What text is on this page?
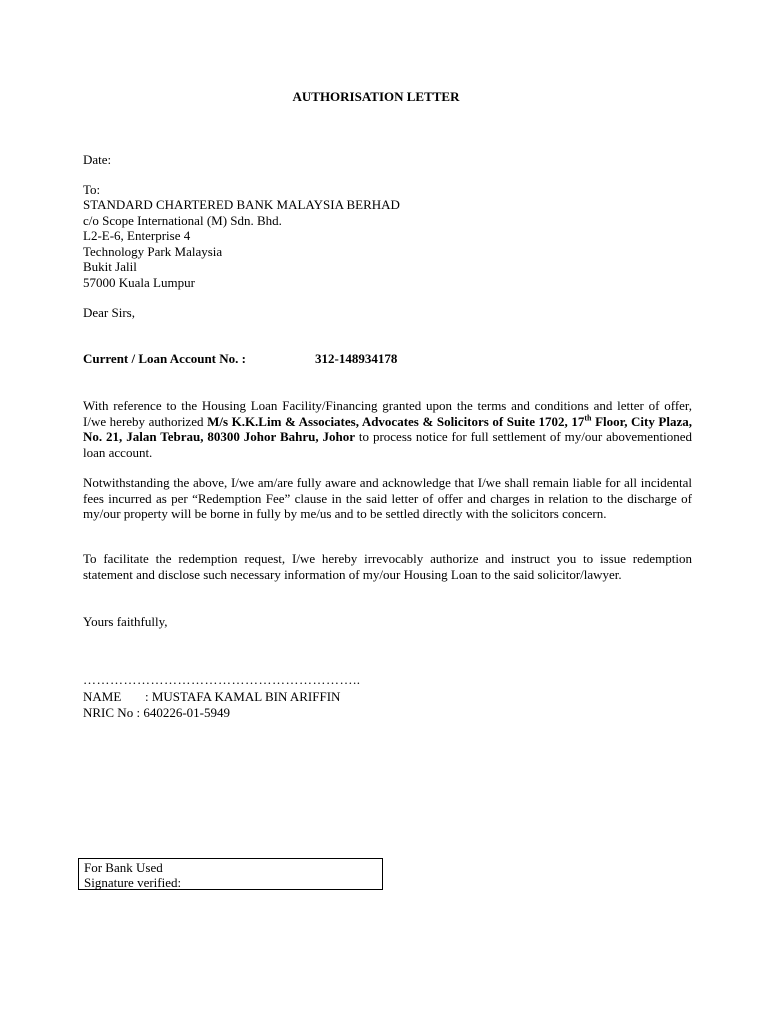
AUTHORISATION LETTER
Date:
To:
STANDARD CHARTERED BANK MALAYSIA BERHAD
c/o Scope International (M) Sdn. Bhd.
L2-E-6, Enterprise 4
Technology Park Malaysia
Bukit Jalil
57000 Kuala Lumpur
Dear Sirs,
Current / Loan Account No. :	312-148934178
With reference to the Housing Loan Facility/Financing granted upon the terms and conditions and letter of offer, I/we hereby authorized M/s K.K.Lim & Associates, Advocates & Solicitors of Suite 1702, 17th Floor, City Plaza, No. 21, Jalan Tebrau, 80300 Johor Bahru, Johor to process notice for full settlement of my/our abovementioned loan account.
Notwithstanding the above, I/we am/are fully aware and acknowledge that I/we shall remain liable for all incidental fees incurred as per “Redemption Fee” clause in the said letter of offer and charges in relation to the discharge of my/our property will be borne in fully by me/us and to be settled directly with the solicitors concern.
To facilitate the redemption request, I/we hereby irrevocably authorize and instruct you to issue redemption statement and disclose such necessary information of my/our Housing Loan to the said solicitor/lawyer.
Yours faithfully,
……………………………………………………..
NAME : MUSTAFA KAMAL BIN ARIFFIN
NRIC No : 640226-01-5949
For Bank Used
Signature verified:
